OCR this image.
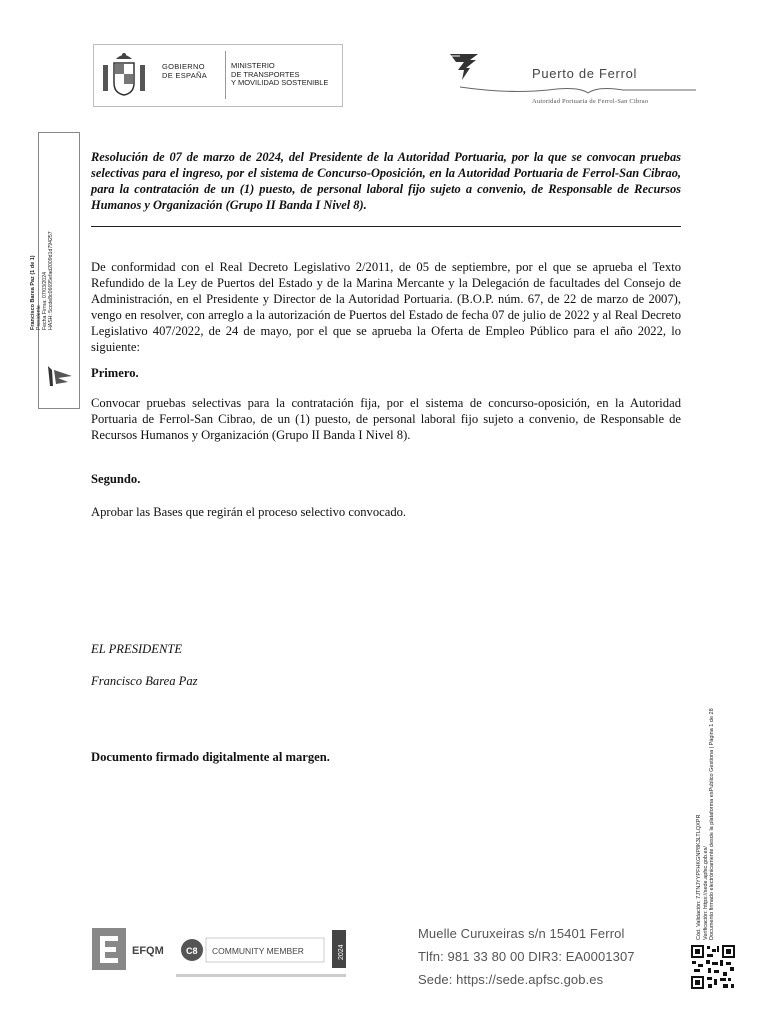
GOBIERNO
DE ESPAÑA
MINISTERIO
DE TRANSPORTES
Y MOVILIDAD SOSTENIBLE
Puerto de Ferrol
Autoridad Portuaria de Ferrol-San Cibrao
Francisco Barea Paz (1 de 1)
Presidente
Fecha Firma: 07/03/2024
HASH: 5ccde8c06695efad2009d1d794257
Cód. Validación: 7JTNJYYPFHKGNP8K3LTLQXPR
Verificación: https://sede.apfsc.gob.es/
Documento firmado electrónicamente desde la plataforma esPublico Gestiona | Página 1 de 28
Resolución de 07 de marzo de 2024, del Presidente de la Autoridad Portuaria, por la que se convocan pruebas selectivas para el ingreso, por el sistema de Concurso-Oposición, en la Autoridad Portuaria de Ferrol-San Cibrao, para la contratación de un (1) puesto, de personal laboral fijo sujeto a convenio, de Responsable de Recursos Humanos y Organización (Grupo II Banda I Nivel 8).
De conformidad con el Real Decreto Legislativo 2/2011, de 05 de septiembre, por el que se aprueba el Texto Refundido de la Ley de Puertos del Estado y de la Marina Mercante y la Delegación de facultades del Consejo de Administración, en el Presidente y Director de la Autoridad Portuaria. (B.O.P. núm. 67, de 22 de marzo de 2007), vengo en resolver, con arreglo a la autorización de Puertos del Estado de fecha 07 de julio de 2022 y al Real Decreto Legislativo 407/2022, de 24 de mayo, por el que se aprueba la Oferta de Empleo Público para el año 2022, lo siguiente:
Primero.
Convocar pruebas selectivas para la contratación fija, por el sistema de concurso-oposición, en la Autoridad Portuaria de Ferrol-San Cibrao, de un (1) puesto, de personal laboral fijo sujeto a convenio, de Responsable de Recursos Humanos y Organización (Grupo II Banda I Nivel 8).
Segundo.
Aprobar las Bases que regirán el proceso selectivo convocado.
EL PRESIDENTE
Francisco Barea Paz
Documento firmado digitalmente al margen.
EFQM C8 COMMUNITY MEMBER	2024
Muelle Curuxeiras s/n 15401 Ferrol
Tlfn: 981 33 80 00 DIR3: EA0001307
Sede: https://sede.apfsc.gob.es
